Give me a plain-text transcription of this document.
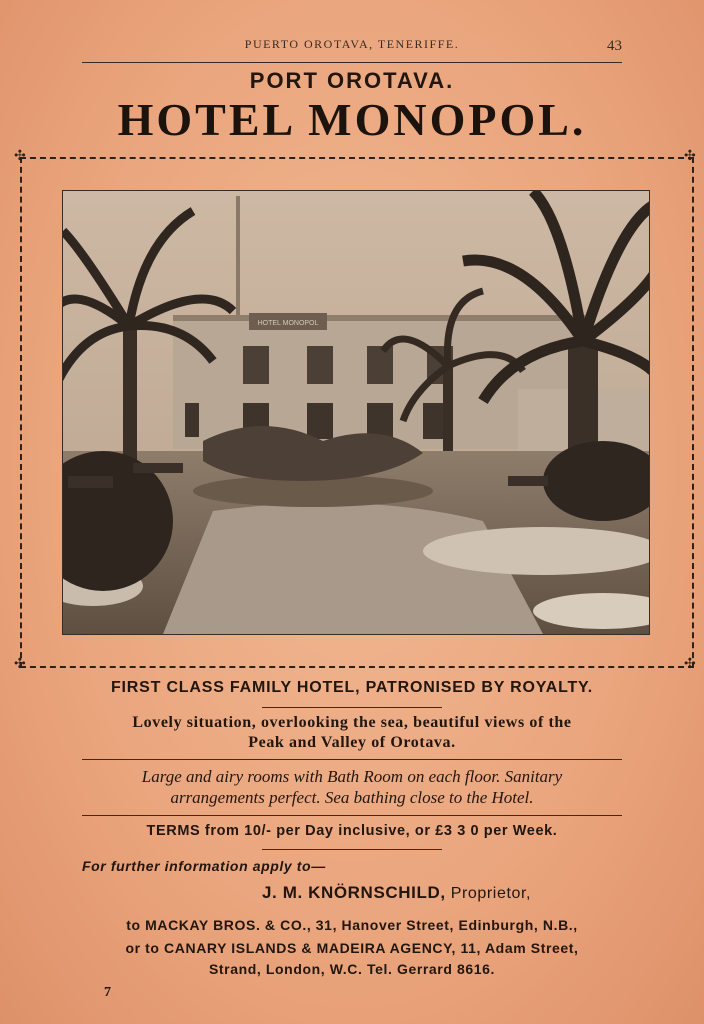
PUERTO OROTAVA, TENERIFFE.	43
PORT OROTAVA.
HOTEL MONOPOL.
✣	✣
✣	✣
HOTEL MONOPOL
FIRST CLASS FAMILY HOTEL, PATRONISED BY ROYALTY.
Lovely situation, overlooking the sea, beautiful views of the
Peak and Valley of Orotava.
Large and airy rooms with Bath Room on each floor. Sanitary
arrangements perfect. Sea bathing close to the Hotel.
TERMS from 10/- per Day inclusive, or £3 3 0 per Week.
For further information apply to—
J. M. KNÖRNSCHILD, Proprietor,
to MACKAY BROS. & CO., 31, Hanover Street, Edinburgh, N.B.,
or to CANARY ISLANDS & MADEIRA AGENCY, 11, Adam Street,
Strand, London, W.C. Tel. Gerrard 8616.
7
